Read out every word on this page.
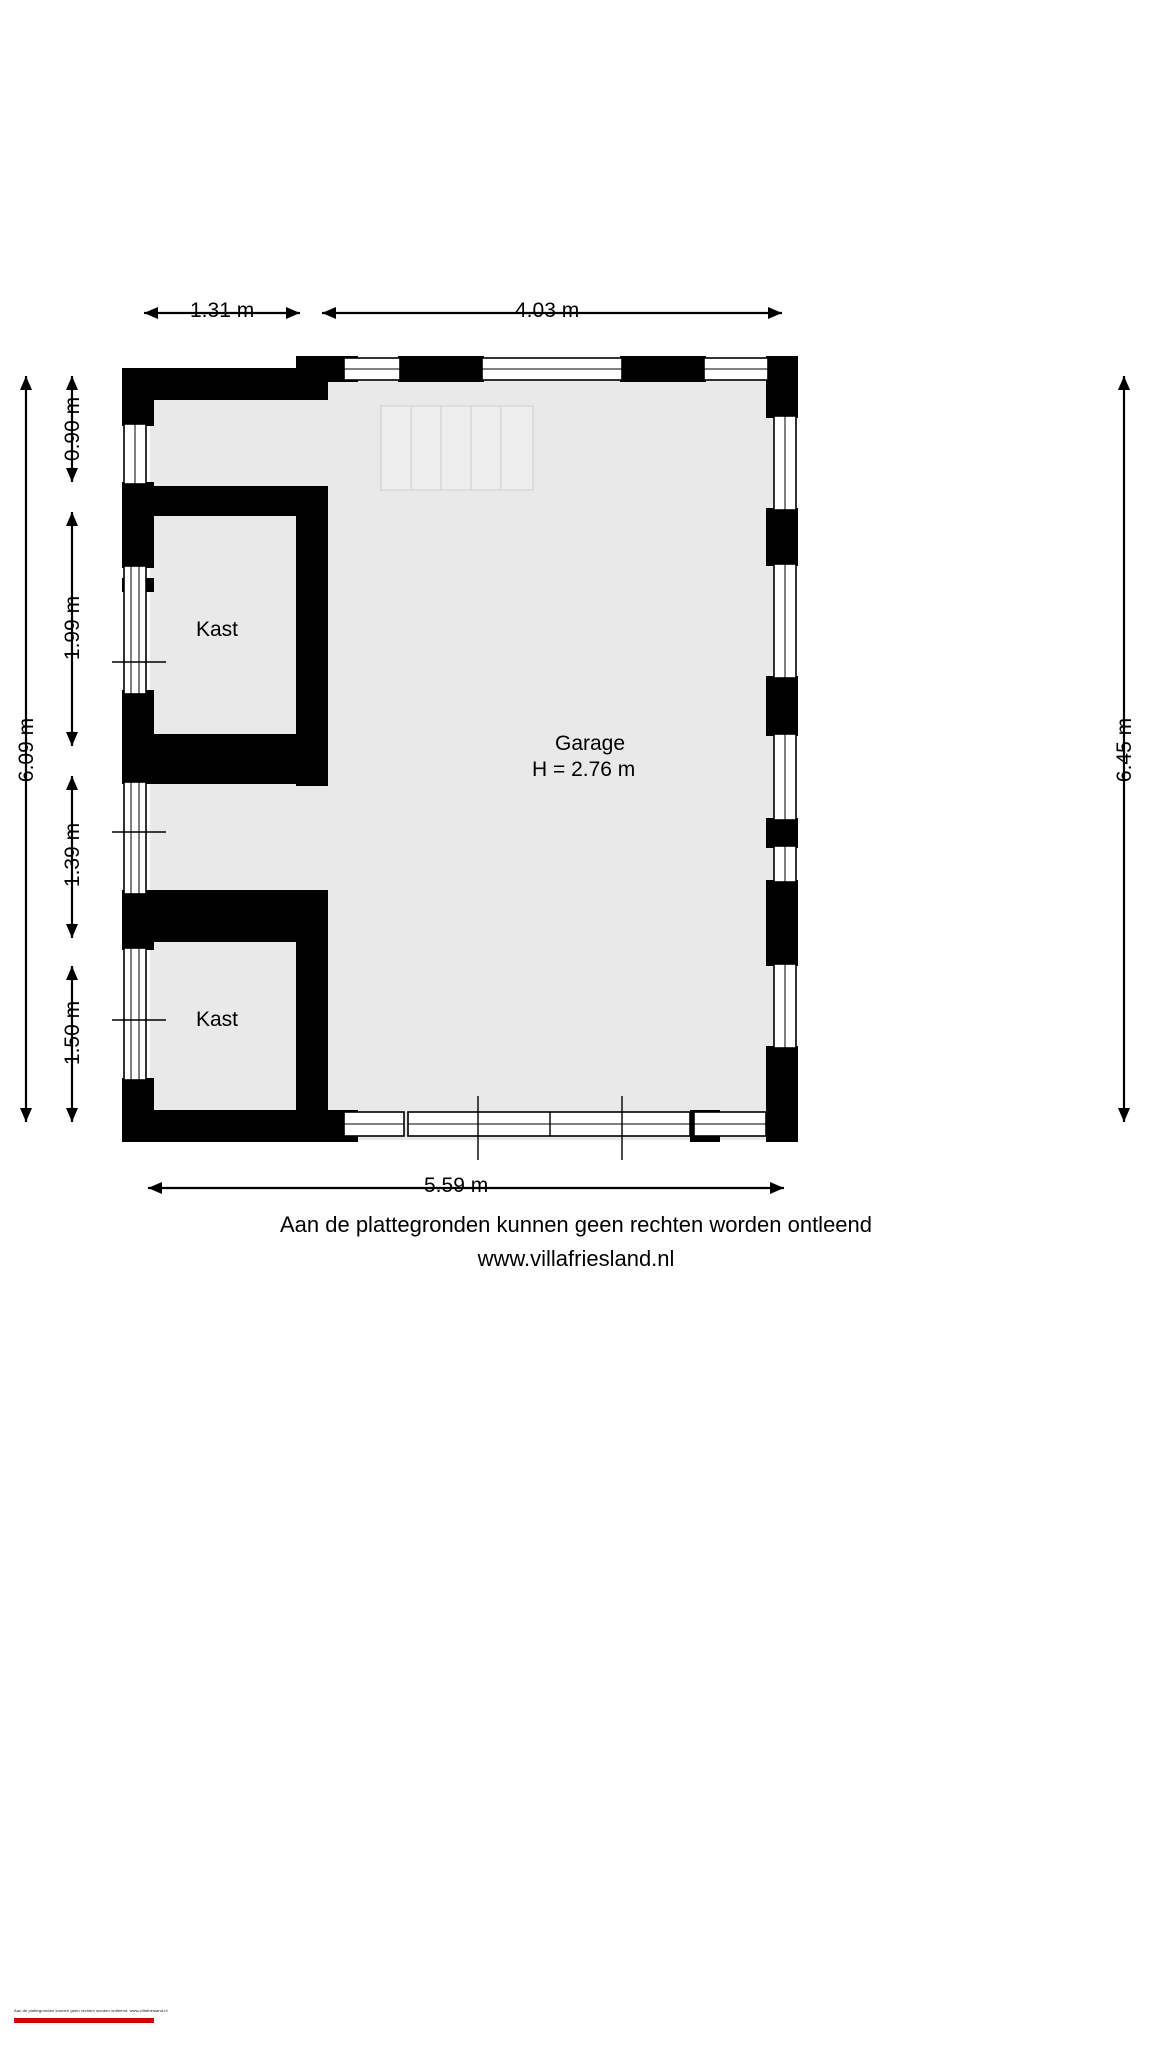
1.31 m	4.03 m
5.59 m
6.09 m
0.90 m
1.99 m
1.39 m
1.50 m
6.45 m
Kast
Kast
Garage
H = 2.76 m
Aan de plattegronden kunnen geen rechten worden ontleend
www.villafriesland.nl
Aan de plattegronden kunnen geen rechten worden ontleend. www.villafriesland.nl
